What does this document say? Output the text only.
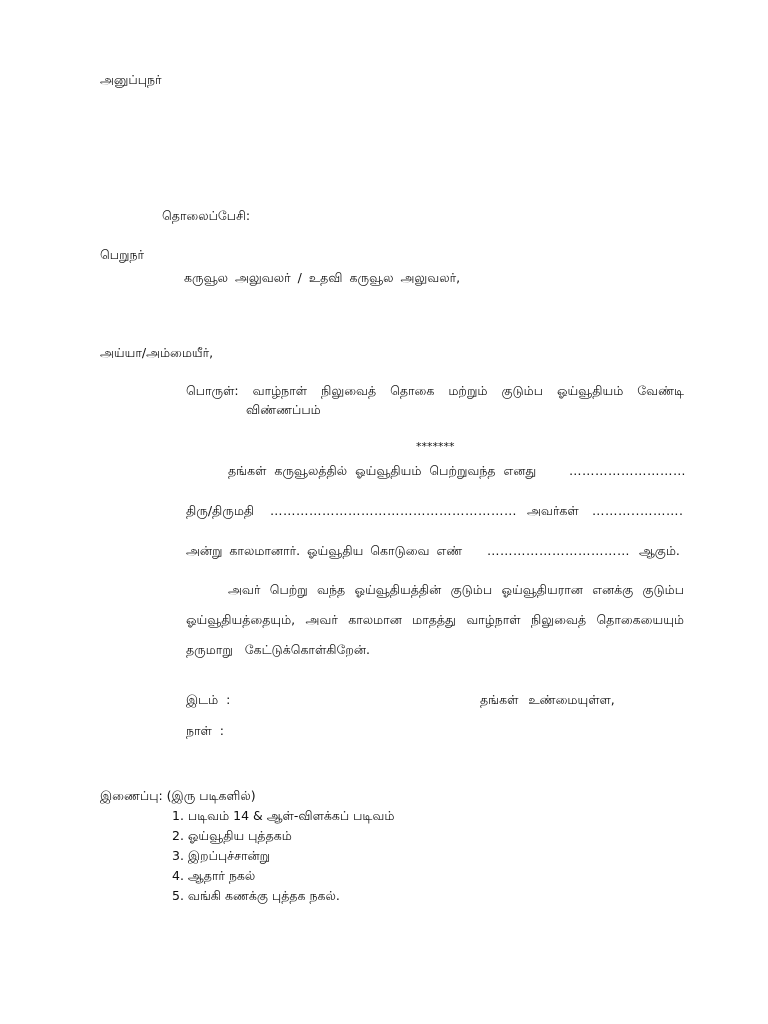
அனுப்புநர்
தொலைப்பேசி:
பெறுநர்
கருவூல அலுவலர் / உதவி கருவூல அலுவலர்,
அய்யா/அம்மையீர்,
பொருள்: வாழ்நாள் நிலுவைத் தொகை மற்றும் குடும்ப ஓய்வூதியம் வேண்டி
விண்ணப்பம்
*******
தங்கள் கருவூலத்தில் ஓய்வூதியம் பெற்றுவந்த எனது	………………………
திரு/திருமதி ………………………………………………… அவர்கள் ………..……….
அன்று காலமானார். ஓய்வூதிய கொடுவை எண் …………………………… ஆகும்.
அவர் பெற்று வந்த ஓய்வூதியத்தின் குடும்ப ஓய்வூதியரான எனக்கு குடும்ப
ஓய்வூதியத்தையும், அவர் காலமான மாதத்து வாழ்நாள் நிலுவைத் தொகையையும்
தருமாறு கேட்டுக்கொள்கிறேன்.
இடம் :	தங்கள் உண்மையுள்ள,
நாள் :
இணைப்பு: (இரு படிகளில்)
1. படிவம் 14 & ஆள்-விளக்கப் படிவம்
2. ஓய்வூதிய புத்தகம்
3. இறப்புச்சான்று
4. ஆதார் நகல்
5. வங்கி கணக்கு புத்தக நகல்.
